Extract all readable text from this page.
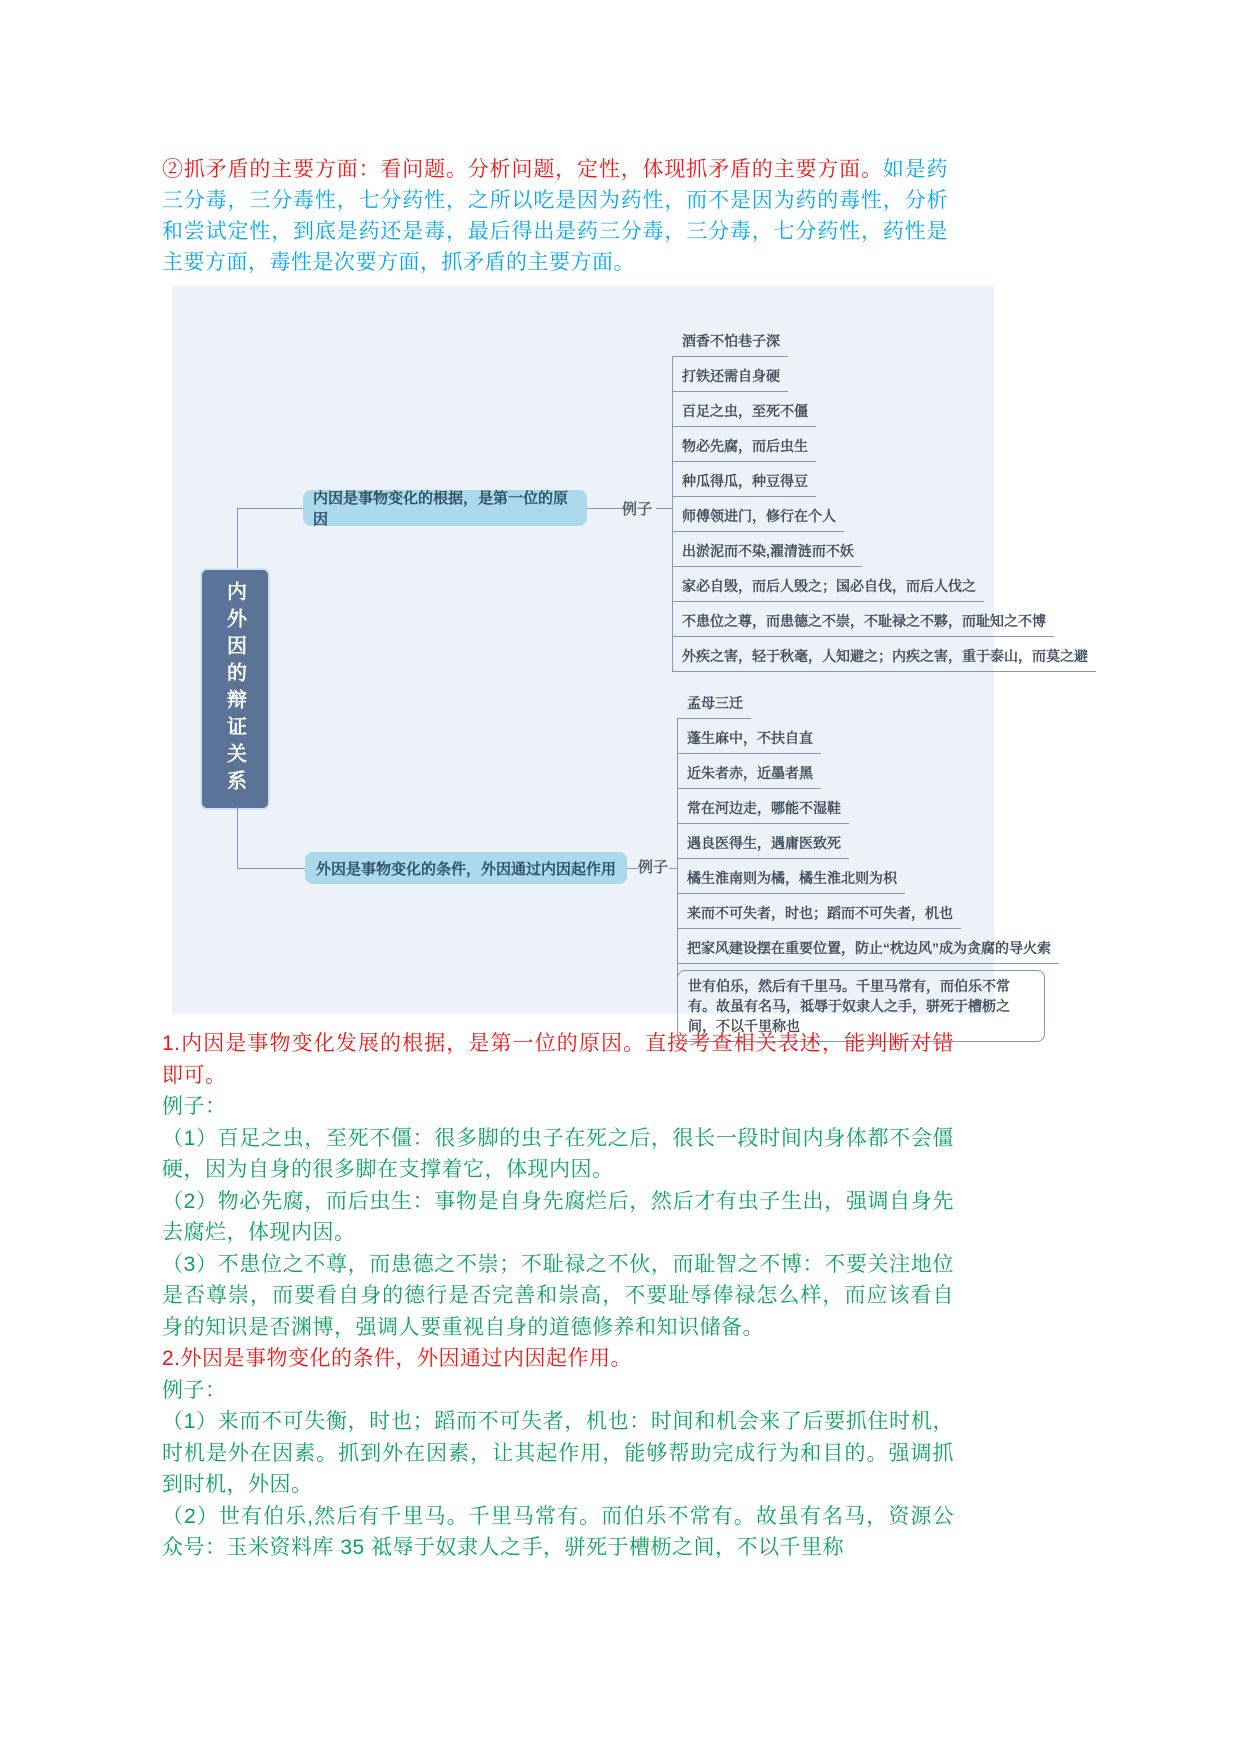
②抓矛盾的主要方面：看问题。分析问题，定性，体现抓矛盾的主要方面。如是药三分毒，三分毒性，七分药性，之所以吃是因为药性，而不是因为药的毒性，分析和尝试定性，到底是药还是毒，最后得出是药三分毒，三分毒，七分药性，药性是主要方面，毒性是次要方面，抓矛盾的主要方面。

内外因的辩证关系
内因是事物变化的根据，是第一位的原因
例子
酒香不怕巷子深
打铁还需自身硬
百足之虫，至死不僵
物必先腐，而后虫生
种瓜得瓜，种豆得豆
师傅领进门，修行在个人
出淤泥而不染,濯清涟而不妖
家必自毁，而后人毁之；国必自伐，而后人伐之
不患位之尊，而患德之不崇，不耻禄之不夥，而耻知之不博
外疾之害，轻于秋毫，人知避之；内疾之害，重于泰山，而莫之避
外因是事物变化的条件，外因通过内因起作用	例子
孟母三迁
蓬生麻中，不扶自直
近朱者赤，近墨者黑
常在河边走，哪能不湿鞋
遇良医得生，遇庸医致死
橘生淮南则为橘，橘生淮北则为枳
来而不可失者，时也；蹈而不可失者，机也
把家风建设摆在重要位置，防止“枕边风”成为贪腐的导火索
世有伯乐，然后有千里马。千里马常有，而伯乐不常有。故虽有名马，祗辱于奴隶人之手，骈死于槽枥之间，不以千里称也

1.内因是事物变化发展的根据，是第一位的原因。直接考查相关表述，能判断对错即可。

例子：

（1）百足之虫，至死不僵：很多脚的虫子在死之后，很长一段时间内身体都不会僵硬，因为自身的很多脚在支撑着它，体现内因。

（2）物必先腐，而后虫生：事物是自身先腐烂后，然后才有虫子生出，强调自身先去腐烂，体现内因。

（3）不患位之不尊，而患德之不崇；不耻禄之不伙，而耻智之不博：不要关注地位是否尊崇，而要看自身的德行是否完善和崇高，不要耻辱俸禄怎么样，而应该看自身的知识是否渊博，强调人要重视自身的道德修养和知识储备。

2.外因是事物变化的条件，外因通过内因起作用。

例子：

（1）来而不可失衡，时也；蹈而不可失者，机也：时间和机会来了后要抓住时机，时机是外在因素。抓到外在因素，让其起作用，能够帮助完成行为和目的。强调抓到时机，外因。

（2）世有伯乐,然后有千里马。千里马常有。而伯乐不常有。故虽有名马，资源公众号：玉米资料库 35 祗辱于奴隶人之手，骈死于槽枥之间，不以千里称
